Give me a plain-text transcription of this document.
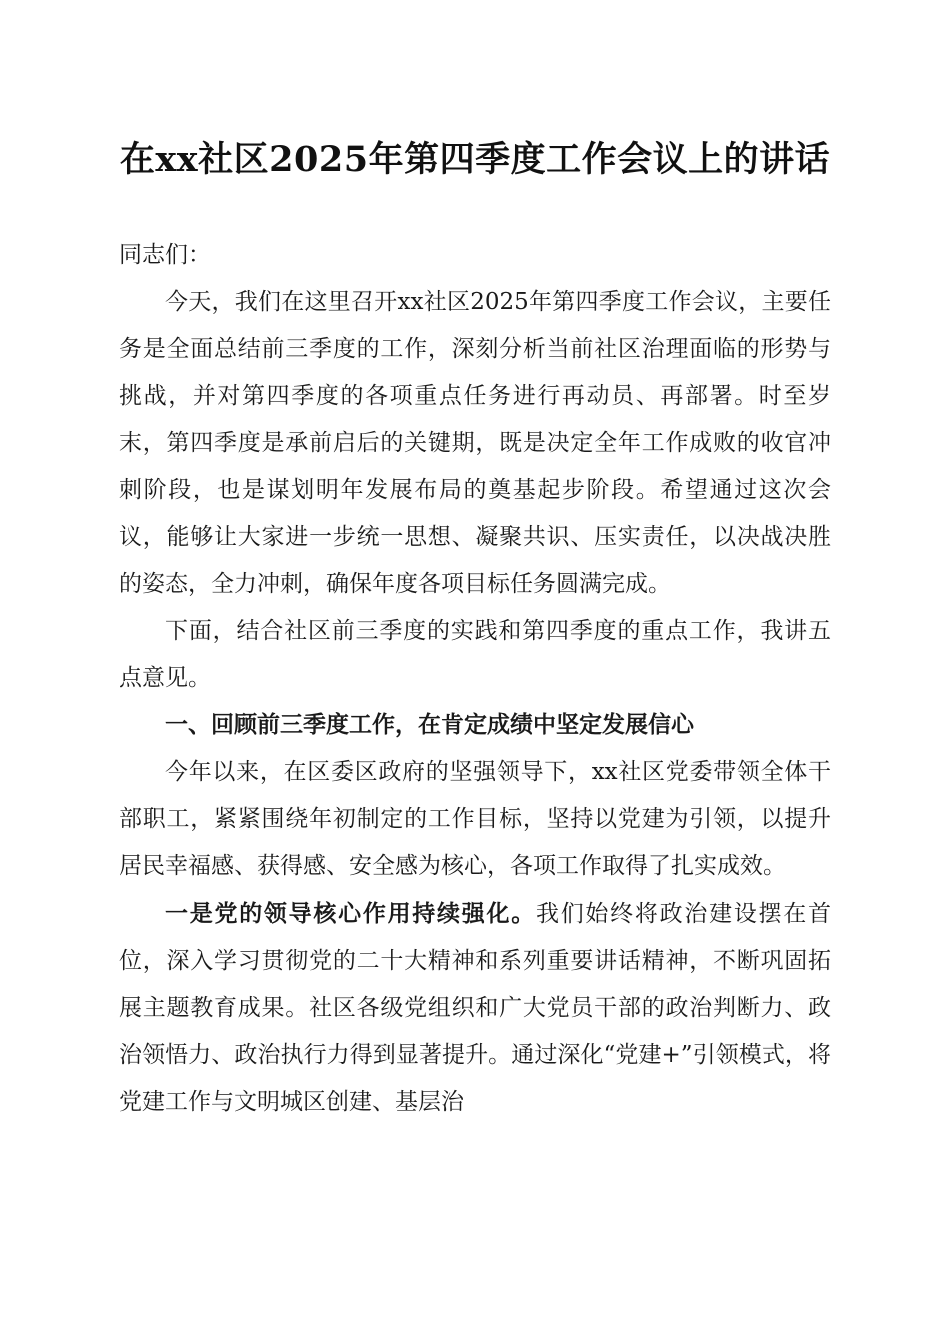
在xx社区2025年第四季度工作会议上的讲话

同志们：

今天，我们在这里召开xx社区2025年第四季度工作会议，主要任务是全面总结前三季度的工作，深刻分析当前社区治理面临的形势与挑战，并对第四季度的各项重点任务进行再动员、再部署。时至岁末，第四季度是承前启后的关键期，既是决定全年工作成败的收官冲刺阶段，也是谋划明年发展布局的奠基起步阶段。希望通过这次会议，能够让大家进一步统一思想、凝聚共识、压实责任，以决战决胜的姿态，全力冲刺，确保年度各项目标任务圆满完成。

下面，结合社区前三季度的实践和第四季度的重点工作，我讲五点意见。

一、回顾前三季度工作，在肯定成绩中坚定发展信心

今年以来，在区委区政府的坚强领导下，xx社区党委带领全体干部职工，紧紧围绕年初制定的工作目标，坚持以党建为引领，以提升居民幸福感、获得感、安全感为核心，各项工作取得了扎实成效。

一是党的领导核心作用持续强化。我们始终将政治建设摆在首位，深入学习贯彻党的二十大精神和系列重要讲话精神，不断巩固拓展主题教育成果。社区各级党组织和广大党员干部的政治判断力、政治领悟力、政治执行力得到显著提升。通过深化“党建+”引领模式，将党建工作与文明城区创建、基层治
